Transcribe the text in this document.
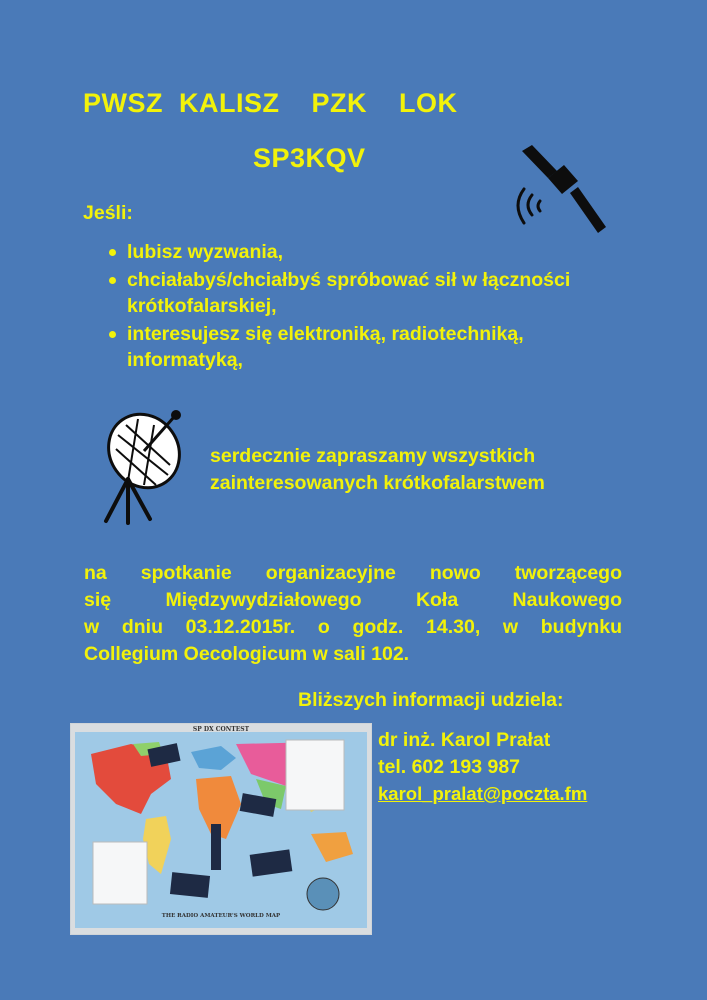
PWSZ  KALISZ    PZK    LOK
SP3KQV
Jeśli:
lubisz wyzwania,
chciałabyś/chciałbyś spróbować sił w łączności krótkofalarskiej,
interesujesz się elektroniką, radiotechniką, informatyką,
serdecznie zapraszamy wszystkich
zainteresowanych krótkofalarstwem
na spotkanie organizacyjne nowo tworzącego
się Międzywydziałowego Koła Naukowego
w dniu 03.12.2015r. o godz. 14.30, w budynku
Collegium Oecologicum w sali 102.
Bliższych informacji udziela:
SP DX CONTEST
THE RADIO AMATEUR'S WORLD MAP
dr inż. Karol Prałat
tel. 602 193 987
karol_pralat@poczta.fm
